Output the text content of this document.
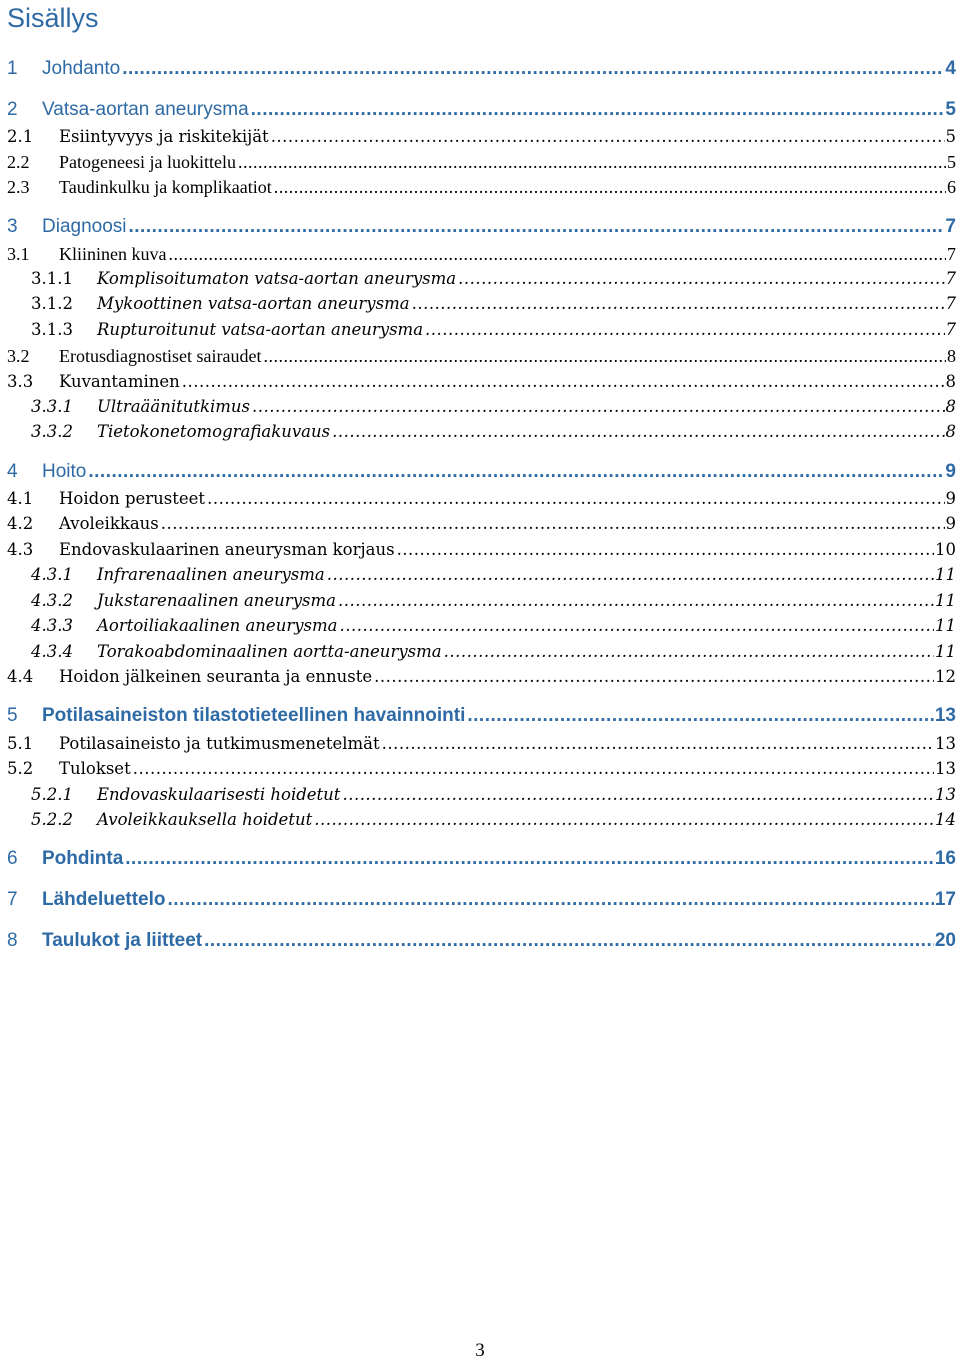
Sisällys
1	Johdanto .....	4
2	Vatsa-aortan aneurysma .....	5
2.1	Esiintyvyys ja riskitekijät .....	5
2.2	Patogeneesi ja luokittelu .....	5
2.3	Taudinkulku ja komplikaatiot .....	6
3	Diagnoosi .....	7
3.1	Kliininen kuva .....	7
3.1.1	Komplisoitumaton vatsa-aortan aneurysma .....	7
3.1.2	Mykoottinen vatsa-aortan aneurysma .....	7
3.1.3	Rupturoitunut vatsa-aortan aneurysma .....	7
3.2	Erotusdiagnostiset sairaudet .....	8
3.3	Kuvantaminen .....	8
3.3.1	Ultraäänitutkimus .....	8
3.3.2	Tietokonetomografiakuvaus .....	8
4	Hoito .....	9
4.1	Hoidon perusteet .....	9
4.2	Avoleikkaus .....	9
4.3	Endovaskulaarinen aneurysman korjaus .....	10
4.3.1	Infrarenaalinen aneurysma .....	11
4.3.2	Jukstarenaalinen aneurysma .....	11
4.3.3	Aortoiliakaalinen aneurysma .....	11
4.3.4	Torakoabdominaalinen aortta-aneurysma .....	11
4.4	Hoidon jälkeinen seuranta ja ennuste .....	12
5	Potilasaineiston tilastotieteellinen havainnointi .....	13
5.1	Potilasaineisto ja tutkimusmenetelmät .....	13
5.2	Tulokset .....	13
5.2.1	Endovaskulaarisesti hoidetut .....	13
5.2.2	Avoleikkauksella hoidetut .....	14
6	Pohdinta .....	16
7	Lähdeluettelo .....	17
8	Taulukot ja liitteet .....	20
3
